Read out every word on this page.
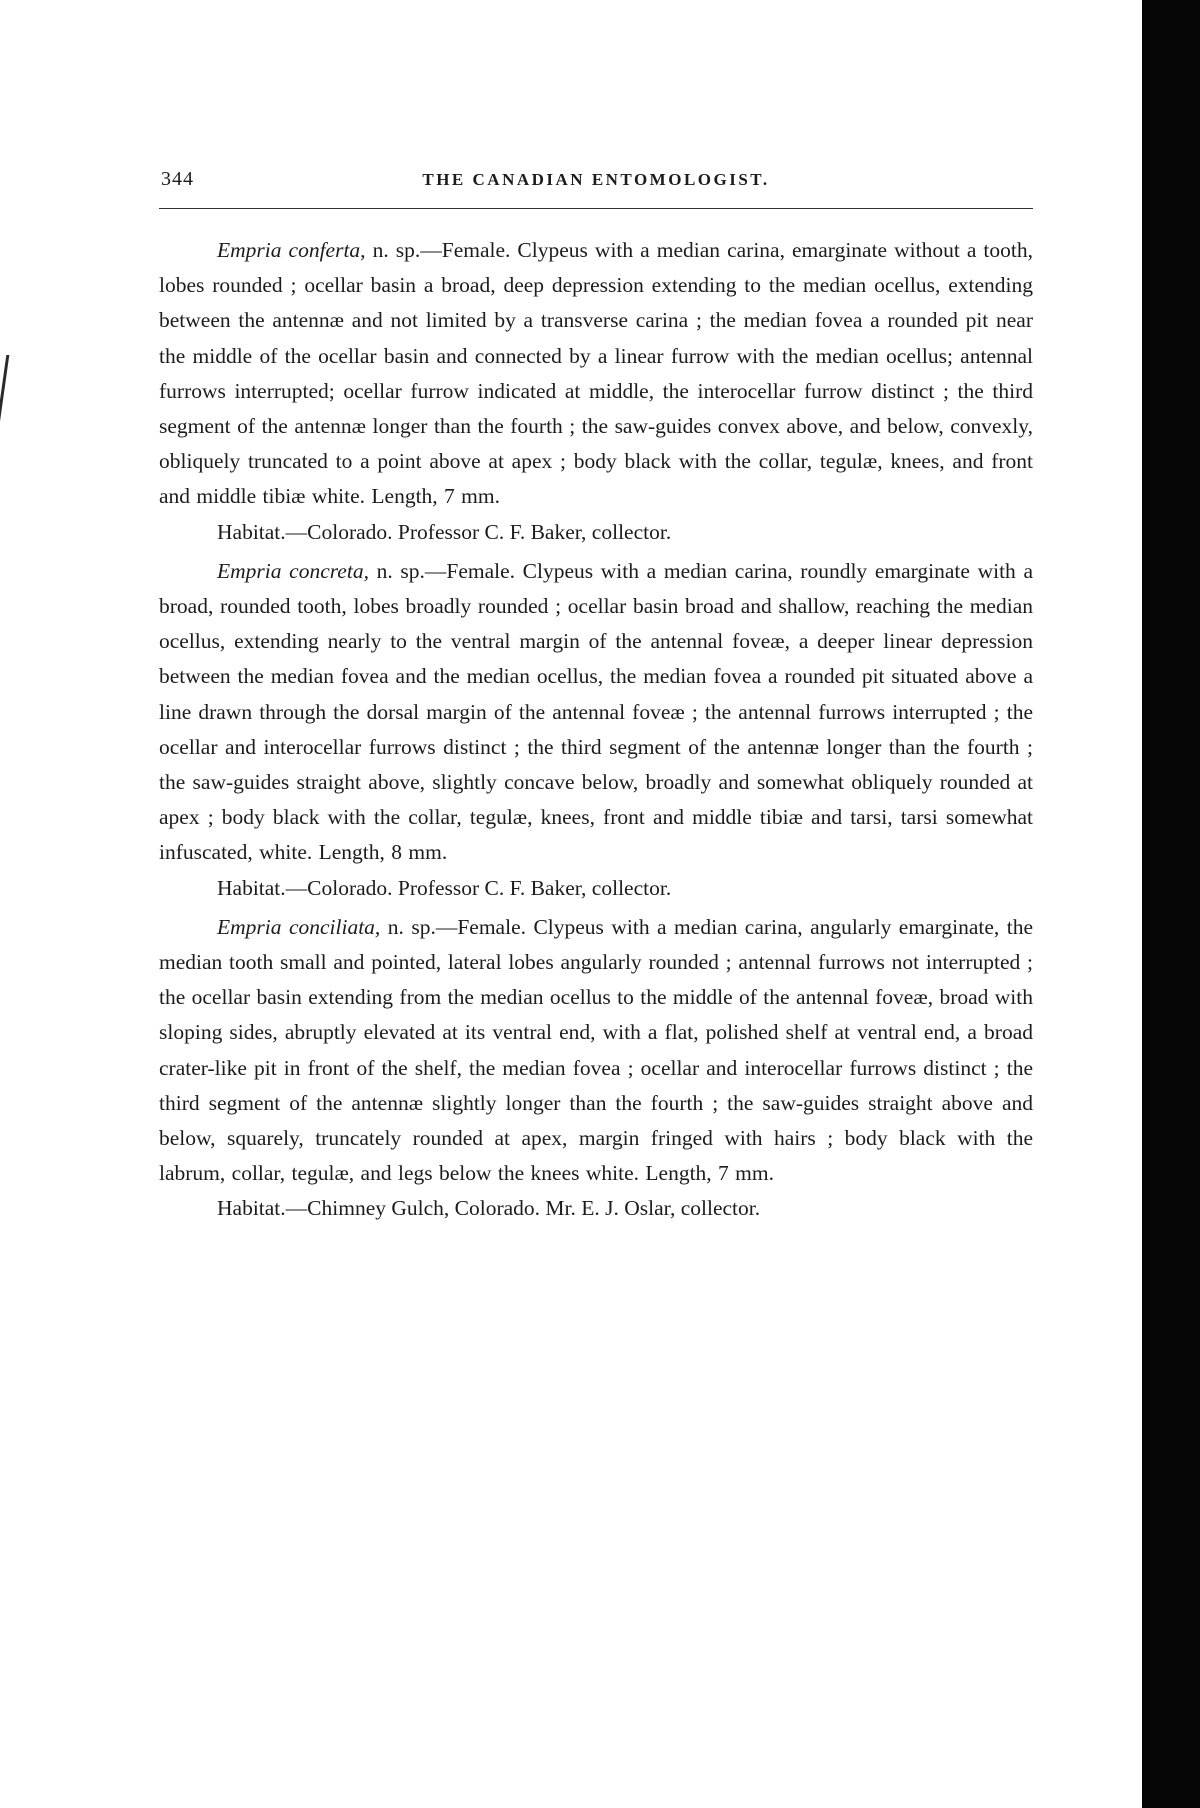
344	THE CANADIAN ENTOMOLOGIST.

Empria conferta, n. sp.—Female. Clypeus with a median carina, emarginate without a tooth, lobes rounded ; ocellar basin a broad, deep depression extending to the median ocellus, extending between the antennæ and not limited by a transverse carina ; the median fovea a rounded pit near the middle of the ocellar basin and connected by a linear furrow with the median ocellus; antennal furrows interrupted; ocellar furrow indicated at middle, the interocellar furrow distinct ; the third segment of the antennæ longer than the fourth ; the saw-guides convex above, and below, convexly, obliquely truncated to a point above at apex ; body black with the collar, tegulæ, knees, and front and middle tibiæ white. Length, 7 mm.

Habitat.—Colorado. Professor C. F. Baker, collector.

Empria concreta, n. sp.—Female. Clypeus with a median carina, roundly emarginate with a broad, rounded tooth, lobes broadly rounded ; ocellar basin broad and shallow, reaching the median ocellus, extending nearly to the ventral margin of the antennal foveæ, a deeper linear depression between the median fovea and the median ocellus, the median fovea a rounded pit situated above a line drawn through the dorsal margin of the antennal foveæ ; the antennal furrows interrupted ; the ocellar and interocellar furrows distinct ; the third segment of the antennæ longer than the fourth ; the saw-guides straight above, slightly concave below, broadly and somewhat obliquely rounded at apex ; body black with the collar, tegulæ, knees, front and middle tibiæ and tarsi, tarsi somewhat infuscated, white. Length, 8 mm.

Habitat.—Colorado. Professor C. F. Baker, collector.

Empria conciliata, n. sp.—Female. Clypeus with a median carina, angularly emarginate, the median tooth small and pointed, lateral lobes angularly rounded ; antennal furrows not interrupted ; the ocellar basin extending from the median ocellus to the middle of the antennal foveæ, broad with sloping sides, abruptly elevated at its ventral end, with a flat, polished shelf at ventral end, a broad crater-like pit in front of the shelf, the median fovea ; ocellar and interocellar furrows distinct ; the third segment of the antennæ slightly longer than the fourth ; the saw-guides straight above and below, squarely, truncately rounded at apex, margin fringed with hairs ; body black with the labrum, collar, tegulæ, and legs below the knees white. Length, 7 mm.

Habitat.—Chimney Gulch, Colorado. Mr. E. J. Oslar, collector.
